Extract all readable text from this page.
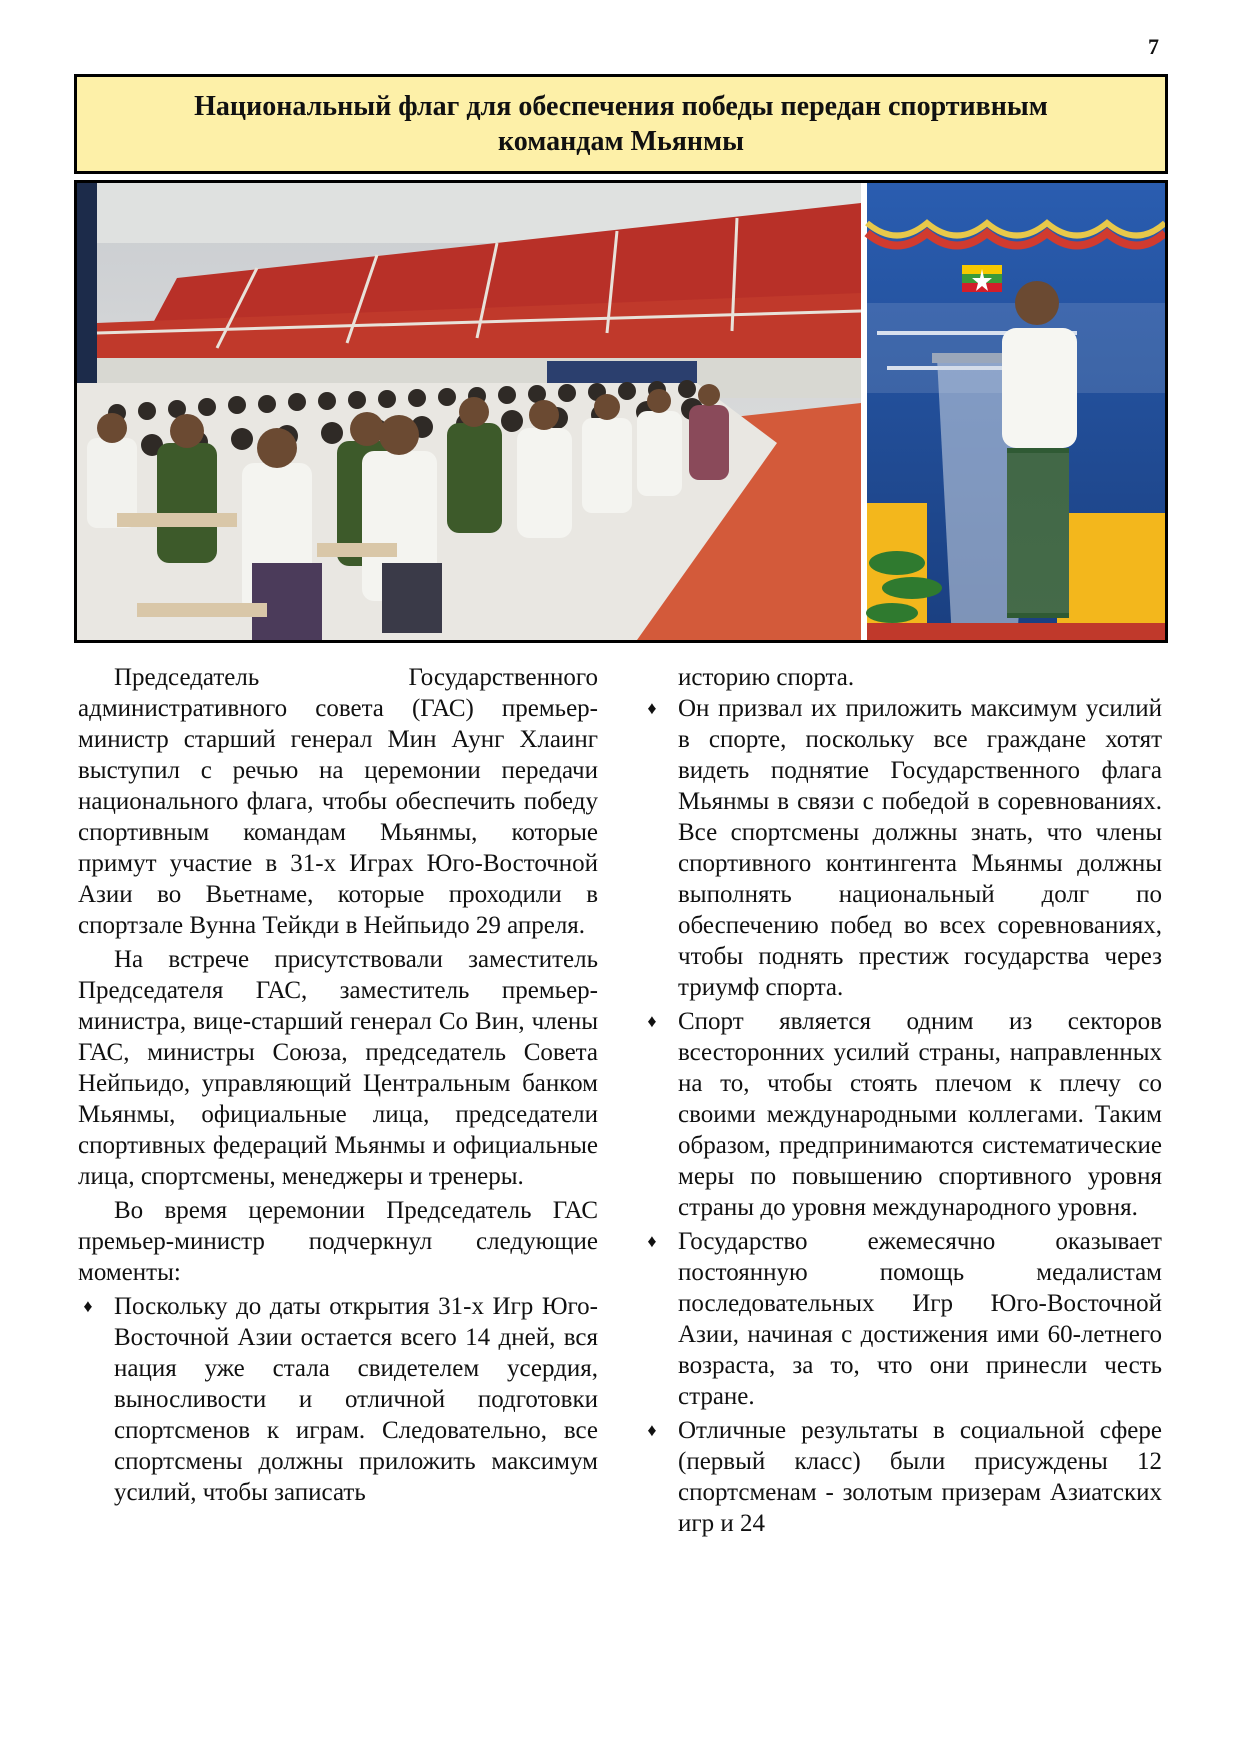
7
Национальный флаг для обеспечения победы передан спортивным командам Мьянмы

Председатель Государственного административного совета (ГАС) премьер-министр старший генерал Мин Аунг Хлаинг выступил с речью на церемонии передачи национального флага, чтобы обеспечить победу спортивным командам Мьянмы, которые примут участие в 31-х Играх Юго-Восточной Азии во Вьетнаме, которые проходили в спортзале Вунна Тейкди в Нейпьидо 29 апреля.

На встрече присутствовали заместитель Председателя ГАС, заместитель премьер-министра, вице-старший генерал Со Вин, члены ГАС, министры Союза, председатель Совета Нейпьидо, управляющий Центральным банком Мьянмы, официальные лица, председатели спортивных федераций Мьянмы и официальные лица, спортсмены, менеджеры и тренеры.

Во время церемонии Председатель ГАС премьер-министр подчеркнул следующие моменты:

♦ Поскольку до даты открытия 31-х Игр Юго-Восточной Азии остается всего 14 дней, вся нация уже стала свидетелем усердия, выносливости и отличной подготовки спортсменов к играм. Следовательно, все спортсмены должны приложить максимум усилий, чтобы записать

историю спорта.

♦ Он призвал их приложить максимум усилий в спорте, поскольку все граждане хотят видеть поднятие Государственного флага Мьянмы в связи с победой в соревнованиях. Все спортсмены должны знать, что члены спортивного контингента Мьянмы должны выполнять национальный долг по обеспечению побед во всех соревнованиях, чтобы поднять престиж государства через триумф спорта.
♦ Спорт является одним из секторов всесторонних усилий страны, направленных на то, чтобы стоять плечом к плечу со своими международными коллегами. Таким образом, предпринимаются систематические меры по повышению спортивного уровня страны до уровня международного уровня.
♦ Государство ежемесячно оказывает постоянную помощь медалистам последовательных Игр Юго-Восточной Азии, начиная с достижения ими 60-летнего возраста, за то, что они принесли честь стране.
♦ Отличные результаты в социальной сфере (первый класс) были присуждены 12 спортсменам - золотым призерам Азиатских игр и 24
